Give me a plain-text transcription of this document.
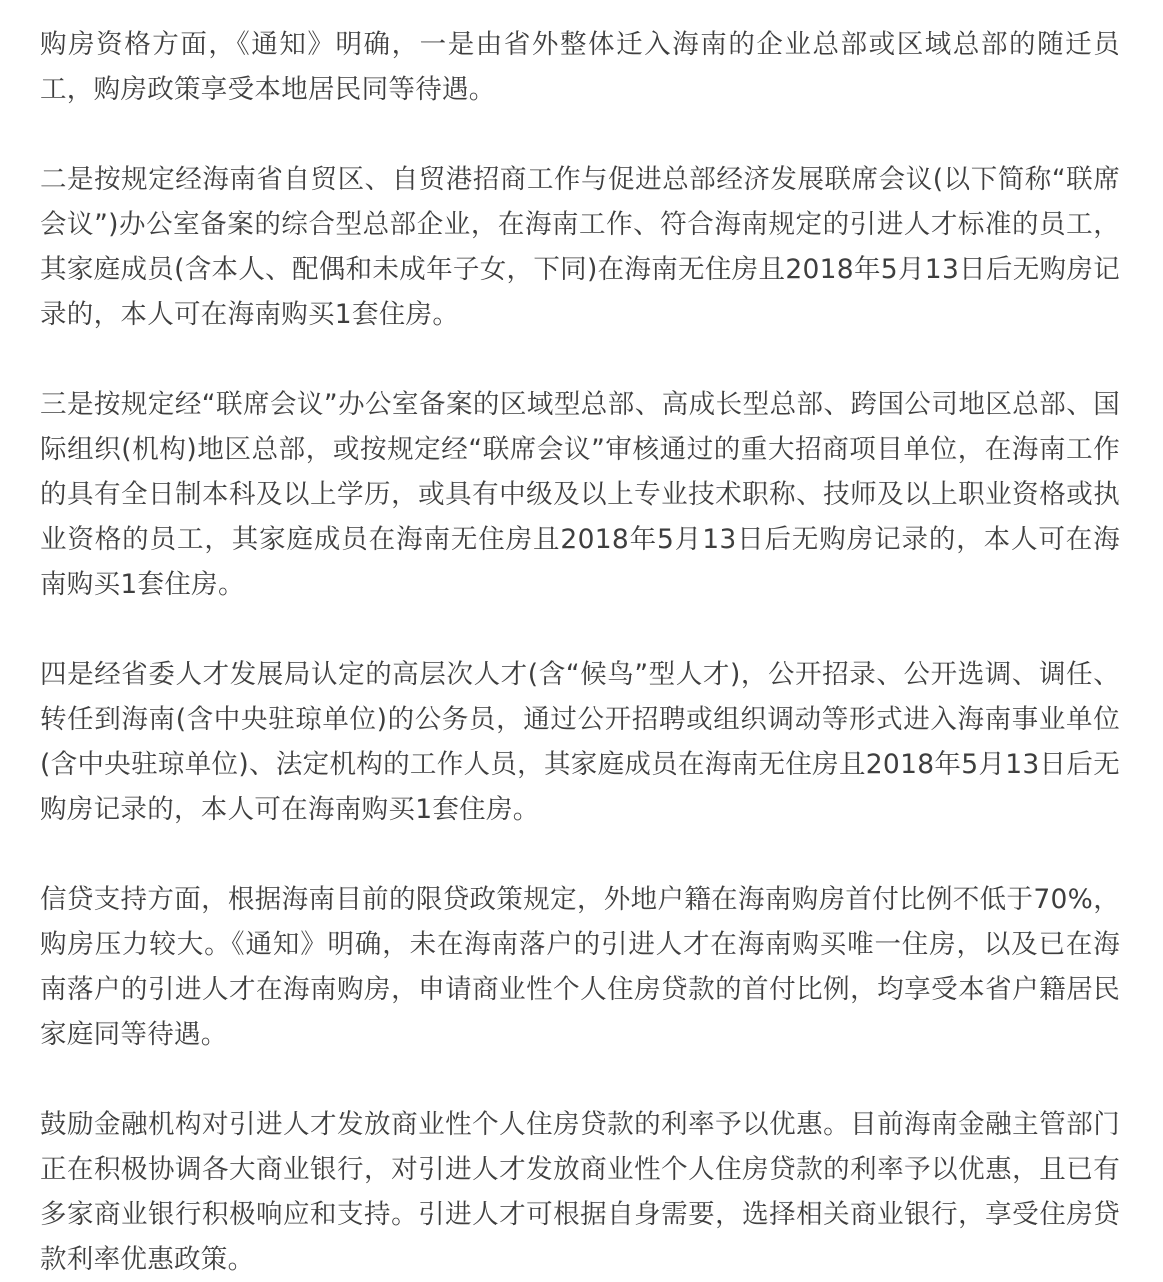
购房资格方面，《通知》明确，一是由省外整体迁入海南的企业总部或区域总部的随迁员工，购房政策享受本地居民同等待遇。

二是按规定经海南省自贸区、自贸港招商工作与促进总部经济发展联席会议(以下简称“联席会议”)办公室备案的综合型总部企业，在海南工作、符合海南规定的引进人才标准的员工，其家庭成员(含本人、配偶和未成年子女，下同)在海南无住房且2018年5月13日后无购房记录的，本人可在海南购买1套住房。

三是按规定经“联席会议”办公室备案的区域型总部、高成长型总部、跨国公司地区总部、国际组织(机构)地区总部，或按规定经“联席会议”审核通过的重大招商项目单位，在海南工作的具有全日制本科及以上学历，或具有中级及以上专业技术职称、技师及以上职业资格或执业资格的员工，其家庭成员在海南无住房且2018年5月13日后无购房记录的，本人可在海南购买1套住房。

四是经省委人才发展局认定的高层次人才(含“候鸟”型人才)，公开招录、公开选调、调任、转任到海南(含中央驻琼单位)的公务员，通过公开招聘或组织调动等形式进入海南事业单位(含中央驻琼单位)、法定机构的工作人员，其家庭成员在海南无住房且2018年5月13日后无购房记录的，本人可在海南购买1套住房。

信贷支持方面，根据海南目前的限贷政策规定，外地户籍在海南购房首付比例不低于70%，购房压力较大。《通知》明确，未在海南落户的引进人才在海南购买唯一住房，以及已在海南落户的引进人才在海南购房，申请商业性个人住房贷款的首付比例，均享受本省户籍居民家庭同等待遇。

鼓励金融机构对引进人才发放商业性个人住房贷款的利率予以优惠。目前海南金融主管部门正在积极协调各大商业银行，对引进人才发放商业性个人住房贷款的利率予以优惠，且已有多家商业银行积极响应和支持。引进人才可根据自身需要，选择相关商业银行，享受住房贷款利率优惠政策。
